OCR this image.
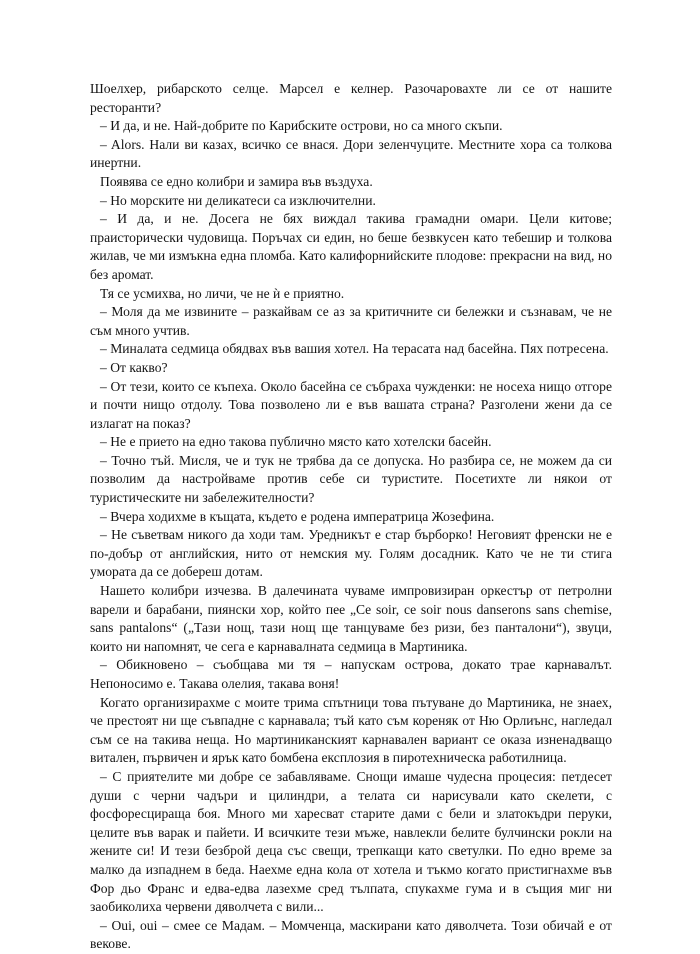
Шоелхер, рибарското селце. Марсел е келнер. Разочаровахте ли се от нашите ресторанти?

– И да, и не. Най-добрите по Карибските острови, но са много скъпи.

– Alors. Нали ви казах, всичко се внася. Дори зеленчуците. Местните хора са толкова инертни.

Появява се едно колибри и замира във въздуха.

– Но морските ни деликатеси са изключителни.

– И да, и не. Досега не бях виждал такива грамадни омари. Цели китове; праисторически чудовища. Поръчах си един, но беше безвкусен като тебешир и толкова жилав, че ми измъкна една пломба. Като калифорнийските плодове: прекрасни на вид, но без аромат.

Тя се усмихва, но личи, че не ѝ е приятно.

– Моля да ме извините – разкайвам се аз за критичните си бележки и съзнавам, че не съм много учтив.

– Миналата седмица обядвах във вашия хотел. На терасата над басейна. Пях потресена.

– От какво?

– От тези, които се къпеха. Около басейна се събраха чужденки: не носеха нищо отгоре и почти нищо отдолу. Това позволено ли е във вашата страна? Разголени жени да се излагат на показ?

– Не е прието на едно такова публично място като хотелски басейн.

– Точно тъй. Мисля, че и тук не трябва да се допуска. Но разбира се, не можем да си позволим да настройваме против себе си туристите. Посетихте ли някои от туристическите ни забележителности?

– Вчера ходихме в къщата, където е родена императрица Жозефина.

– Не съветвам никого да ходи там. Уредникът е стар бърборко! Неговият френски не е по-добър от английския, нито от немския му. Голям досадник. Като че не ти стига умората да се добереш дотам.

Нашето колибри изчезва. В далечината чуваме импровизиран оркестър от петролни варели и барабани, пиянски хор, който пее „Ce soir, ce soir nous danserons sans chemise, sans pantalons“ („Тази нощ, тази нощ ще танцуваме без ризи, без панталони“), звуци, които ни напомнят, че сега е карнавалната седмица в Мартиника.

– Обикновено – съобщава ми тя – напускам острова, докато трае карнавалът. Непоносимо е. Такава олелия, такава воня!

Когато организирахме с моите трима спътници това пътуване до Мартиника, не знаех, че престоят ни ще съвпадне с карнавала; тъй като съм кореняк от Ню Орлиънс, нагледал съм се на такива неща. Но мартиниканският карнавален вариант се оказа изненадващо витален, първичен и ярък като бомбена експлозия в пиротехническа работилница.

– С приятелите ми добре се забавляваме. Снощи имаше чудесна процесия: петдесет души с черни чадъри и цилиндри, а телата си нарисували като скелети, с фосфоресцираща боя. Много ми харесват старите дами с бели и златокъдри перуки, целите във варак и пайети. И всичките тези мъже, навлекли белите булчински рокли на жените си! И тези безброй деца със свещи, трепкащи като светулки. По едно време за малко да изпаднем в беда. Наехме една кола от хотела и тъкмо когато пристигнахме във Фор дьо Франс и едва-едва лазехме сред тълпата, спукахме гума и в същия миг ни зaобиколиха червени дяволчета с вили...

– Oui, oui – смее се Мадам. – Момченца, маскирани като дяволчета. Този обичай е от векове.
